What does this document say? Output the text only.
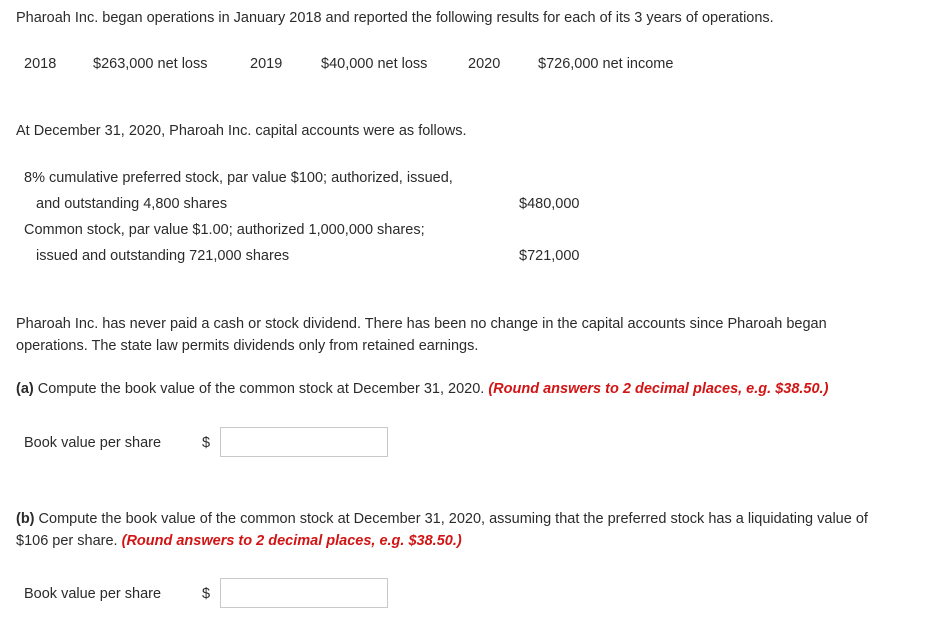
Pharoah Inc. began operations in January 2018 and reported the following results for each of its 3 years of operations.
2018	$263,000 net loss	2019	$40,000 net loss	2020	$726,000 net income
At December 31, 2020, Pharoah Inc. capital accounts were as follows.
8% cumulative preferred stock, par value $100; authorized, issued,
and outstanding 4,800 shares	$480,000
Common stock, par value $1.00; authorized 1,000,000 shares;
issued and outstanding 721,000 shares	$721,000
Pharoah Inc. has never paid a cash or stock dividend. There has been no change in the capital accounts since Pharoah began
operations. The state law permits dividends only from retained earnings.
(a) Compute the book value of the common stock at December 31, 2020. (Round answers to 2 decimal places, e.g. $38.50.)
Book value per share	$
(b) Compute the book value of the common stock at December 31, 2020, assuming that the preferred stock has a liquidating value of
$106 per share. (Round answers to 2 decimal places, e.g. $38.50.)
Book value per share	$
